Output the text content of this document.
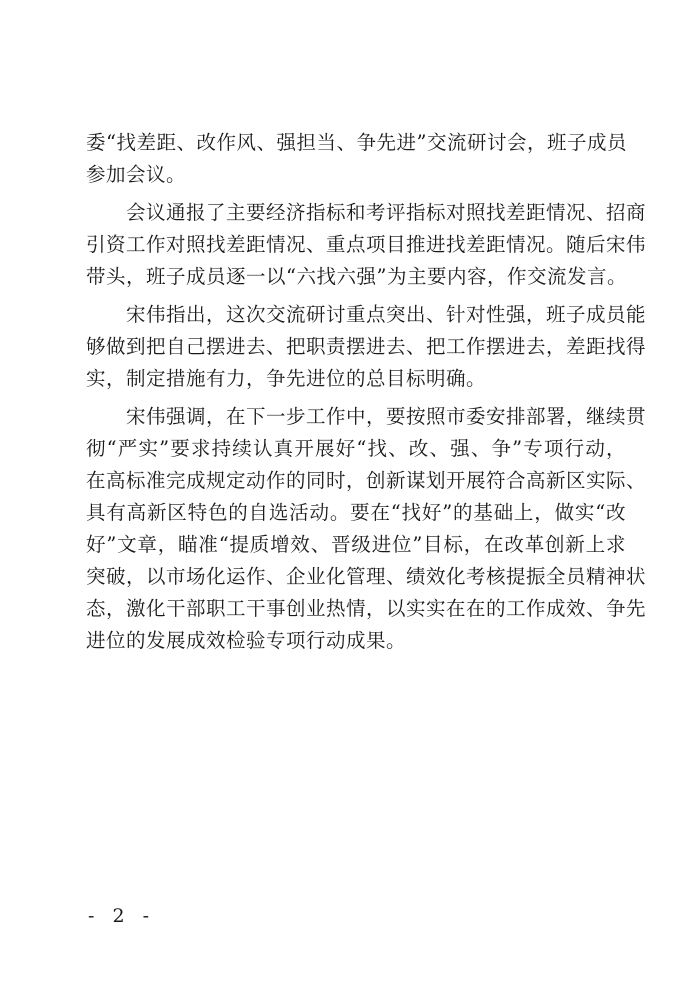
委“找差距、改作风、强担当、争先进”交流研讨会，班子成员
参加会议。
会议通报了主要经济指标和考评指标对照找差距情况、招商
引资工作对照找差距情况、重点项目推进找差距情况。随后宋伟
带头，班子成员逐一以“六找六强”为主要内容，作交流发言。
宋伟指出，这次交流研讨重点突出、针对性强，班子成员能
够做到把自己摆进去、把职责摆进去、把工作摆进去，差距找得
实，制定措施有力，争先进位的总目标明确。
宋伟强调，在下一步工作中，要按照市委安排部署，继续贯
彻“严实”要求持续认真开展好“找、改、强、争”专项行动，
在高标准完成规定动作的同时，创新谋划开展符合高新区实际、
具有高新区特色的自选活动。要在“找好”的基础上，做实“改
好”文章，瞄准“提质增效、晋级进位”目标，在改革创新上求
突破，以市场化运作、企业化管理、绩效化考核提振全员精神状
态，激化干部职工干事创业热情，以实实在在的工作成效、争先
进位的发展成效检验专项行动成果。
- 2 -
